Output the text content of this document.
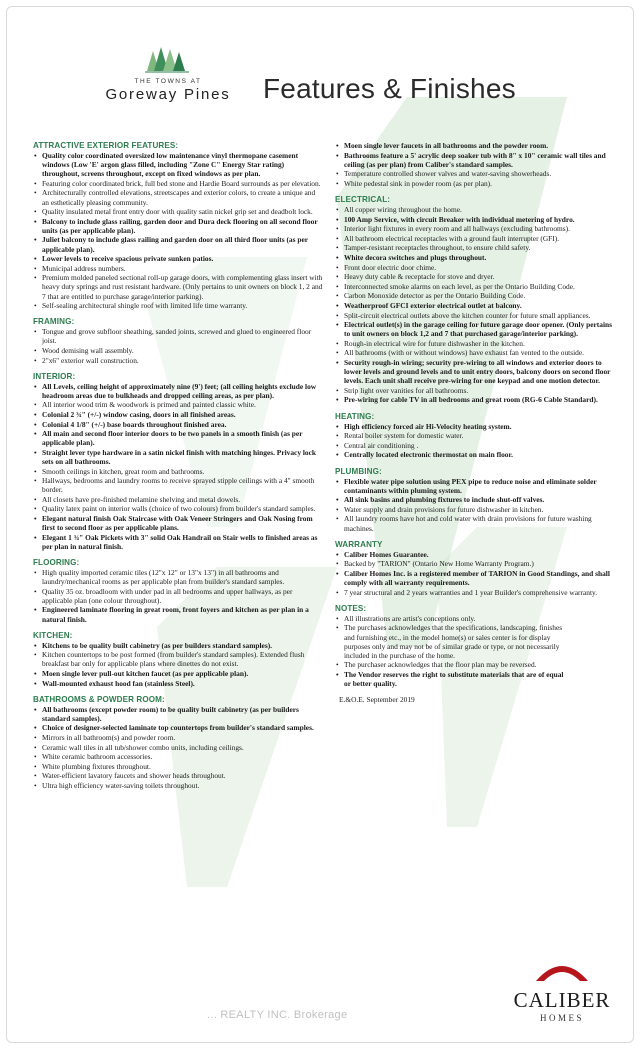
THE TOWNS AT
Goreway Pines	Features & Finishes
ATTRACTIVE EXTERIOR FEATURES:
• Quality color coordinated oversized low maintenance vinyl thermopane casement windows (Low 'E' argon glass filled, including "Zone C" Energy Star rating) throughout, screens throughout, except on fixed windows as per plan.
• Featuring color coordinated brick, full bed stone and Hardie Board surrounds as per elevation.
• Architecturally controlled elevations, streetscapes and exterior colors, to create a unique and an esthetically pleasing community.
• Quality insulated metal front entry door with quality satin nickel grip set and deadbolt lock.
• Balcony to include glass railing, garden door and Dura deck flooring on all second floor units (as per applicable plan).
• Juliet balcony to include glass railing and garden door on all third floor units (as per applicable plan).
• Lower levels to receive spacious private sunken patios.
• Municipal address numbers.
• Premium molded paneled sectional roll-up garage doors, with complementing glass insert with heavy duty springs and rust resistant hardware. (Only pertains to unit owners on block 1, 2 and 7 that are entitled to purchase garage/interior parking).
• Self-sealing architectural shingle roof with limited life time warranty.
FRAMING:
• Tongue and grove subfloor sheathing, sanded joints, screwed and glued to engineered floor joist.
• Wood demising wall assembly.
• 2"x6" exterior wall construction.
INTERIOR:
• All Levels, ceiling height of approximately nine (9') feet; (all ceiling heights exclude low headroom areas due to bulkheads and dropped ceiling areas, as per plan).
• All interior wood trim & woodwork is primed and painted classic white.
• Colonial 2 ¾" (+/-) window casing, doors in all finished areas.
• Colonial 4 1/8" (+/-) base boards throughout finished area.
• All main and second floor interior doors to be two panels in a smooth finish (as per applicable plan).
• Straight lever type hardware in a satin nickel finish with matching hinges. Privacy lock sets on all bathrooms.
• Smooth ceilings in kitchen, great room and bathrooms.
• Hallways, bedrooms and laundry rooms to receive sprayed stipple ceilings with a 4" smooth border.
• All closets have pre-finished melamine shelving and metal dowels.
• Quality latex paint on interior walls (choice of two colours) from builder's standard samples.
• Elegant natural finish Oak Staircase with Oak Veneer Stringers and Oak Nosing from first to second floor as per applicable plans.
• Elegant 1 ¾" Oak Pickets with 3" solid Oak Handrail on Stair wells to finished areas as per plan in natural finish.
FLOORING:
• High quality imported ceramic tiles (12"x 12" or 13"x 13") in all bathrooms and laundry/mechanical rooms as per applicable plan from builder's standard samples.
• Quality 35 oz. broadloom with under pad in all bedrooms and upper hallways, as per applicable plan (one colour throughout).
• Engineered laminate flooring in great room, front foyers and kitchen as per plan in a natural finish.
KITCHEN:
• Kitchens to be quality built cabinetry (as per builders standard samples).
• Kitchen countertops to be post formed (from builder's standard samples). Extended flush breakfast bar only for applicable plans where dinettes do not exist.
• Moen single lever pull-out kitchen faucet (as per applicable plan).
• Wall-mounted exhaust hood fan (stainless Steel).
BATHROOMS & POWDER ROOM:
• All bathrooms (except powder room) to be quality built cabinetry (as per builders standard samples).
• Choice of designer-selected laminate top countertops from builder's standard samples.
• Mirrors in all bathroom(s) and powder room.
• Ceramic wall tiles in all tub/shower combo units, including ceilings.
• White ceramic bathroom accessories.
• White plumbing fixtures throughout.
• Water-efficient lavatory faucets and shower heads throughout.
• Ultra high efficiency water-saving toilets throughout.
• Moen single lever faucets in all bathrooms and the powder room.
• Bathrooms feature a 5' acrylic deep soaker tub with 8" x 10" ceramic wall tiles and ceiling (as per plan) from Caliber's standard samples.
• Temperature controlled shower valves and water-saving showerheads.
• White pedestal sink in powder room (as per plan).
ELECTRICAL:
• All copper wiring throughout the home.
• 100 Amp Service, with circuit Breaker with individual metering of hydro.
• Interior light fixtures in every room and all hallways (excluding bathrooms).
• All bathroom electrical receptacles with a ground fault interrupter (GFI).
• Tamper-resistant receptacles throughout, to ensure child safety.
• White decora switches and plugs throughout.
• Front door electric door chime.
• Heavy duty cable & receptacle for stove and dryer.
• Interconnected smoke alarms on each level, as per the Ontario Building Code.
• Carbon Monoxide detector as per the Ontario Building Code.
• Weatherproof GFCI exterior electrical outlet at balcony.
• Split-circuit electrical outlets above the kitchen counter for future small appliances.
• Electrical outlet(s) in the garage ceiling for future garage door opener. (Only pertains to unit owners on block 1,2 and 7 that purchased garage/interior parking).
• Rough-in electrical wire for future dishwasher in the kitchen.
• All bathrooms (with or without windows) have exhaust fan vented to the outside.
• Security rough-in wiring; security pre-wiring to all windows and exterior doors to lower levels and ground levels and to unit entry doors, balcony doors on second floor levels. Each unit shall receive pre-wiring for one keypad and one motion detector.
• Strip light over vanities for all bathrooms.
• Pre-wiring for cable TV in all bedrooms and great room (RG-6 Cable Standard).
HEATING:
• High efficiency forced air Hi-Velocity heating system.
• Rental boiler system for domestic water.
• Central air conditioning .
• Centrally located electronic thermostat on main floor.
PLUMBING:
• Flexible water pipe solution using PEX pipe to reduce noise and eliminate solder contaminants within pluming system.
• All sink basins and plumbing fixtures to include shut-off valves.
• Water supply and drain provisions for future dishwasher in kitchen.
• All laundry rooms have hot and cold water with drain provisions for future washing machines.
WARRANTY
• Caliber Homes Guarantee.
• Backed by "TARION" (Ontario New Home Warranty Program.)
• Caliber Homes Inc. is a registered member of TARION in Good Standings, and shall comply with all warranty requirements.
• 7 year structural and 2 years warranties and 1 year Builder's comprehensive warranty.
NOTES:
• All illustrations are artist's conceptions only.
• The purchases acknowledges that the specifications, landscaping, finishes and furnishing etc., in the model home(s) or sales center is for display purposes only and may not be of similar grade or type, or not necessarily included in the purchase of the home.
• The purchaser acknowledges that the floor plan may be reversed.
• The Vendor reserves the right to substitute materials that are of equal or better quality.
E.&O.E. September 2019
CALIBER
HOMES
... REALTY INC. Brokerage
